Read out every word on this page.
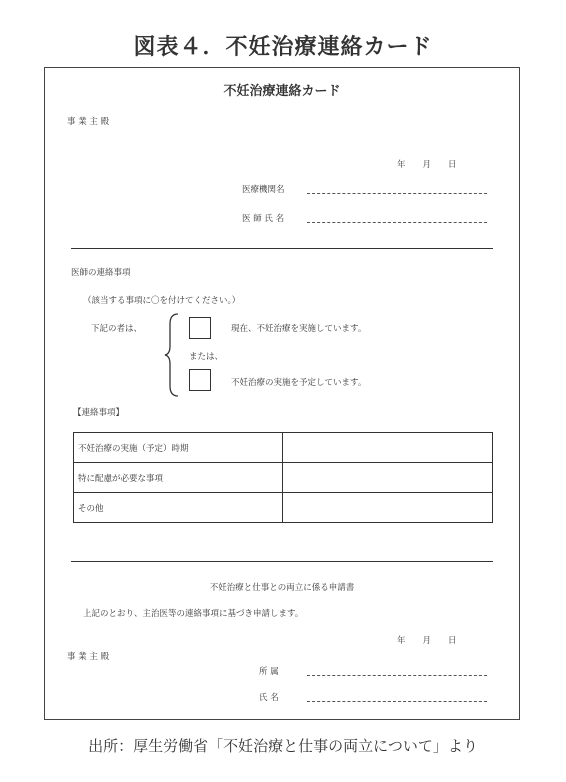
図表４．不妊治療連絡カード
不妊治療連絡カード
事 業 主 殿
年　　月　　日
医療機関名
医 師 氏 名
医師の連絡事項
（該当する事項に〇を付けてください。）
下記の者は、	現在、不妊治療を実施しています。
または、
不妊治療の実施を予定しています。
【連絡事項】
不妊治療の実施（予定）時期	
特に配慮が必要な事項	
その他	
不妊治療と仕事との両立に係る申請書
上記のとおり、主治医等の連絡事項に基づき申請します。
年　　月　　日
事 業 主 殿
所 属
氏 名
出所：厚生労働省「不妊治療と仕事の両立について」より
